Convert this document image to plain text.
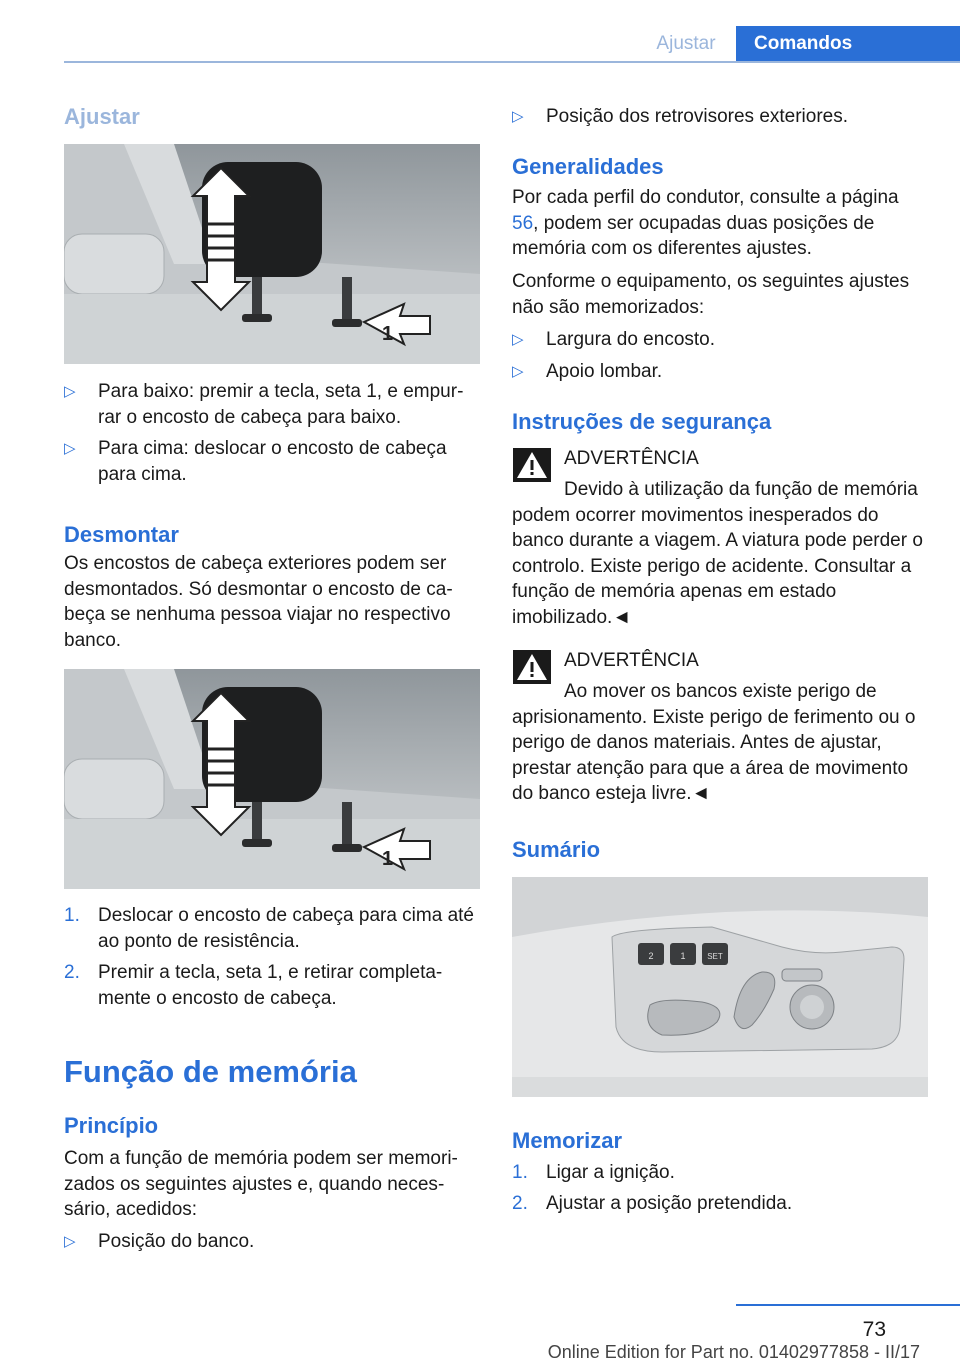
Ajustar	Comandos
Ajustar
1
▷	Para baixo: premir a tecla, seta 1, e empurrar o encosto de cabeça para baixo.
▷	Para cima: deslocar o encosto de cabeça para cima.
Desmontar
Os encostos de cabeça exteriores podem ser desmontados. Só desmontar o encosto de cabeça se nenhuma pessoa viajar no respectivo banco.
1
1. Deslocar o encosto de cabeça para cima até ao ponto de resistência.
2. Premir a tecla, seta 1, e retirar completamente o encosto de cabeça.
Função de memória
Princípio
Com a função de memória podem ser memorizados os seguintes ajustes e, quando necessário, acedidos:
▷	Posição do banco.
▷	Posição dos retrovisores exteriores.
Generalidades
Por cada perfil do condutor, consulte a página 56, podem ser ocupadas duas posições de memória com os diferentes ajustes.
Conforme o equipamento, os seguintes ajustes não são memorizados:
▷	Largura do encosto.
▷	Apoio lombar.
Instruções de segurança
ADVERTÊNCIA
Devido à utilização da função de memória podem ocorrer movimentos inesperados do banco durante a viagem. A viatura pode perder o controlo. Existe perigo de acidente. Consultar a função de memória apenas em estado imobilizado.◄
ADVERTÊNCIA
Ao mover os bancos existe perigo de aprisionamento. Existe perigo de ferimento ou o perigo de danos materiais. Antes de ajustar, prestar atenção para que a área de movimento do banco esteja livre.◄
Sumário
2	1	SET
Memorizar
1. Ligar a ignição.
2. Ajustar a posição pretendida.
73
Online Edition for Part no. 01402977858 - II/17
